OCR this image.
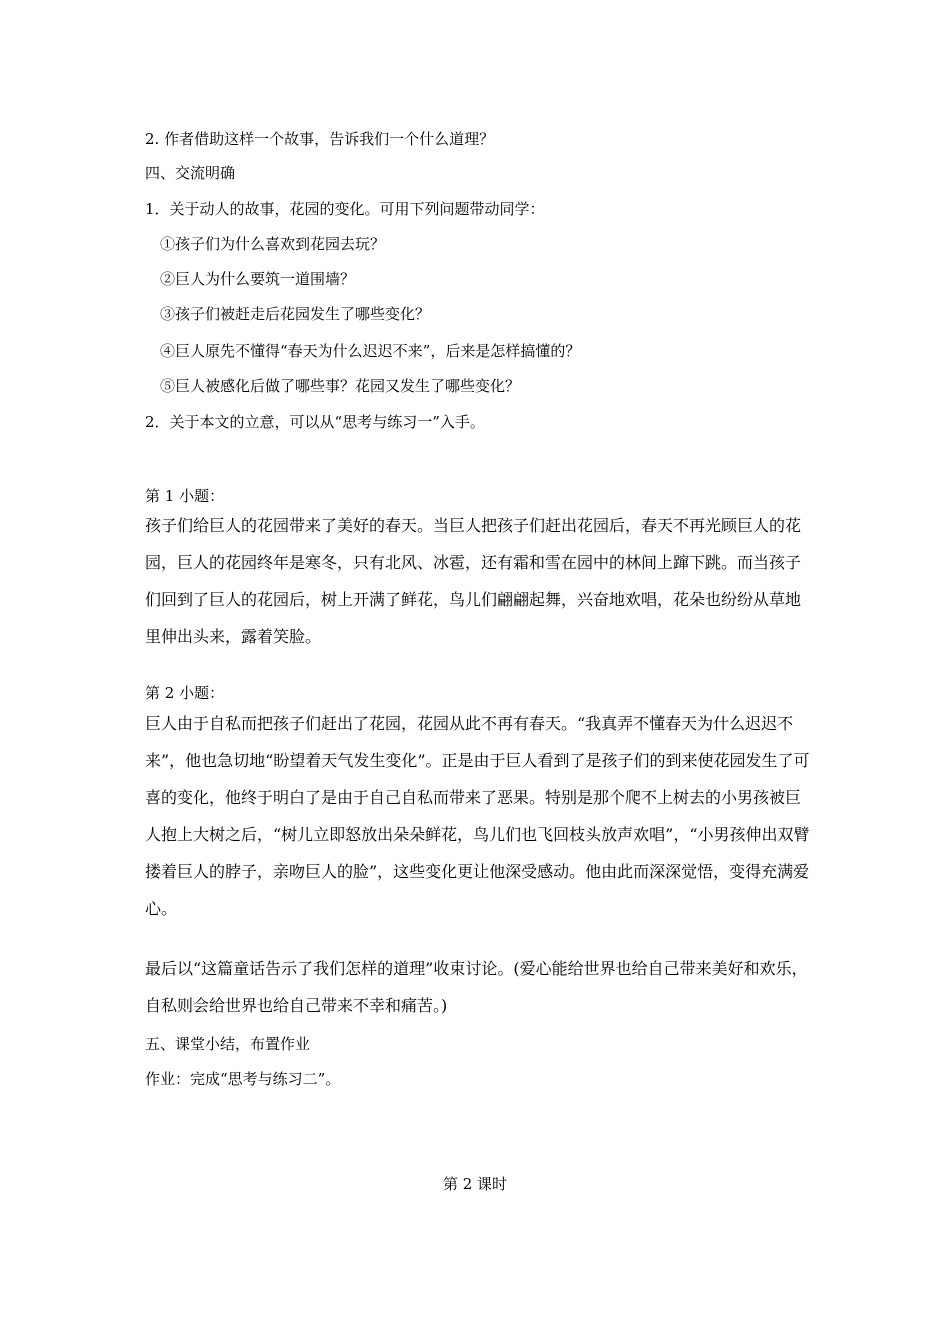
2. 作者借助这样一个故事，告诉我们一个什么道理？
四、交流明确
1．关于动人的故事，花园的变化。可用下列问题带动同学：
①孩子们为什么喜欢到花园去玩？
②巨人为什么要筑一道围墙？
③孩子们被赶走后花园发生了哪些变化？
④巨人原先不懂得“春天为什么迟迟不来”，后来是怎样搞懂的？
⑤巨人被感化后做了哪些事？花园又发生了哪些变化？
2．关于本文的立意，可以从“思考与练习一”入手。
第 1 小题：
孩子们给巨人的花园带来了美好的春天。当巨人把孩子们赶出花园后，春天不再光顾巨人的花园，巨人的花园终年是寒冬，只有北风、冰雹，还有霜和雪在园中的林间上蹿下跳。而当孩子们回到了巨人的花园后，树上开满了鲜花，鸟儿们翩翩起舞，兴奋地欢唱，花朵也纷纷从草地里伸出头来，露着笑脸。
第 2 小题：
巨人由于自私而把孩子们赶出了花园，花园从此不再有春天。“我真弄不懂春天为什么迟迟不来”，他也急切地“盼望着天气发生变化”。正是由于巨人看到了是孩子们的到来使花园发生了可喜的变化，他终于明白了是由于自己自私而带来了恶果。特别是那个爬不上树去的小男孩被巨人抱上大树之后，“树儿立即怒放出朵朵鲜花，鸟儿们也飞回枝头放声欢唱”，“小男孩伸出双臂搂着巨人的脖子，亲吻巨人的脸”，这些变化更让他深受感动。他由此而深深觉悟，变得充满爱心。
最后以“这篇童话告示了我们怎样的道理”收束讨论。(爱心能给世界也给自己带来美好和欢乐，自私则会给世界也给自己带来不幸和痛苦。)
五、课堂小结，布置作业
作业：完成“思考与练习二”。
第 2 课时
